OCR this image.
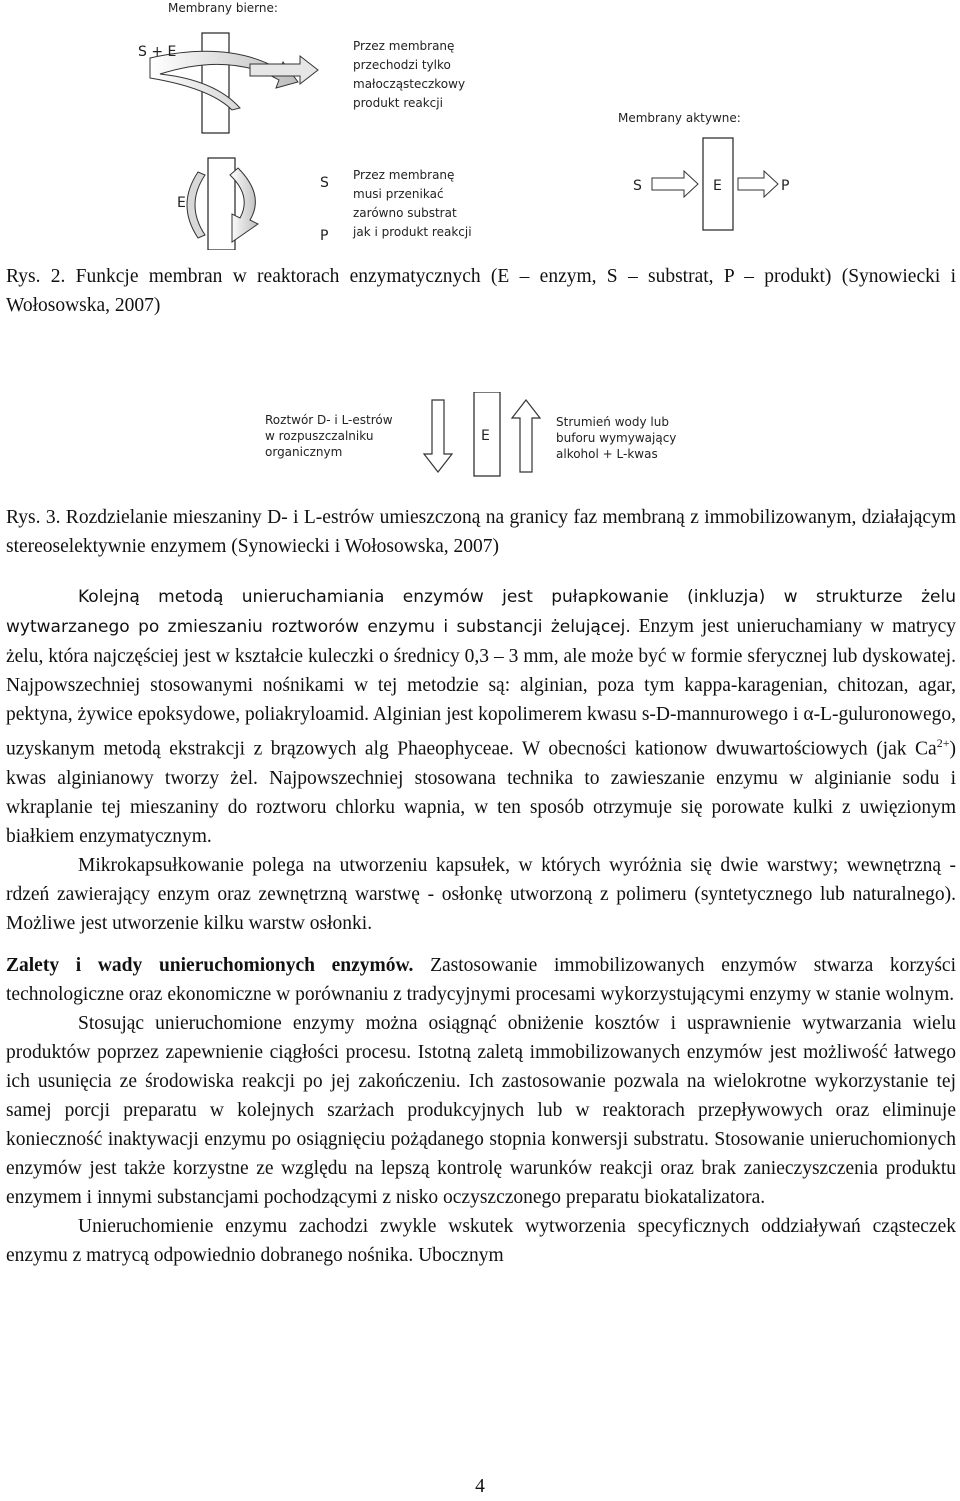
Membrany bierne:
S + E	Przez membranę
przechodzi tylko
małocząsteczkowy
produkt reakcji
E
S
P
Przez membranę
musi przenikać
zarówno substrat
jak i produkt reakcji
Membrany aktywne:
S	E	P
Rys. 2. Funkcje membran w reaktorach enzymatycznych (E – enzym, S – substrat, P – produkt) (Synowiecki i Wołosowska, 2007)
Roztwór D- i L-estrów
w rozpuszczalniku
organicznym
E
Strumień wody lub
buforu wymywający
alkohol + L-kwas
Rys. 3. Rozdzielanie mieszaniny D- i L-estrów umieszczoną na granicy faz membraną z immobilizowanym, działającym stereoselektywnie enzymem (Synowiecki i Wołosowska, 2007)

Kolejną metodą unieruchamiania enzymów jest pułapkowanie (inkluzja) w strukturze żelu wytwarzanego po zmieszaniu roztworów enzymu i substancji żelującej. Enzym jest unieruchamiany w matrycy żelu, która najczęściej jest w kształcie kuleczki o średnicy 0,3 – 3 mm, ale może być w formie sferycznej lub dyskowatej. Najpowszechniej stosowanymi nośnikami w tej metodzie są: alginian, poza tym kappa-karagenian, chitozan, agar, pektyna, żywice epoksydowe, poliakryloamid. Alginian jest kopolimerem kwasu s-D-mannurowego i α-L-guluronowego, uzyskanym metodą ekstrakcji z brązowych alg Phaeophyceae. W obecności kationow dwuwartościowych (jak $Ca^{2+}$) kwas alginianowy tworzy żel. Najpowszechniej stosowana technika to zawieszanie enzymu w alginianie sodu i wkraplanie tej mieszaniny do roztworu chlorku wapnia, w ten sposób otrzymuje się porowate kulki z uwięzionym białkiem enzymatycznym.

Mikrokapsułkowanie polega na utworzeniu kapsułek, w których wyróżnia się dwie warstwy; wewnętrzną - rdzeń zawierający enzym oraz zewnętrzną warstwę - osłonkę utworzoną z polimeru (syntetycznego lub naturalnego). Możliwe jest utworzenie kilku warstw osłonki.

Zalety i wady unieruchomionych enzymów. Zastosowanie immobilizowanych enzymów stwarza korzyści technologiczne oraz ekonomiczne w porównaniu z tradycyjnymi procesami wykorzystującymi enzymy w stanie wolnym.

Stosując unieruchomione enzymy można osiągnąć obniżenie kosztów i usprawnienie wytwarzania wielu produktów poprzez zapewnienie ciągłości procesu. Istotną zaletą immobilizowanych enzymów jest możliwość łatwego ich usunięcia ze środowiska reakcji po jej zakończeniu. Ich zastosowanie pozwala na wielokrotne wykorzystanie tej samej porcji preparatu w kolejnych szarżach produkcyjnych lub w reaktorach przepływowych oraz eliminuje konieczność inaktywacji enzymu po osiągnięciu pożądanego stopnia konwersji substratu. Stosowanie unieruchomionych enzymów jest także korzystne ze względu na lepszą kontrolę warunków reakcji oraz brak zanieczyszczenia produktu enzymem i innymi substancjami pochodzącymi z nisko oczyszczonego preparatu biokatalizatora.

Unieruchomienie enzymu zachodzi zwykle wskutek wytworzenia specyficznych oddziaływań cząsteczek enzymu z matrycą odpowiednio dobranego nośnika. Ubocznym

4
